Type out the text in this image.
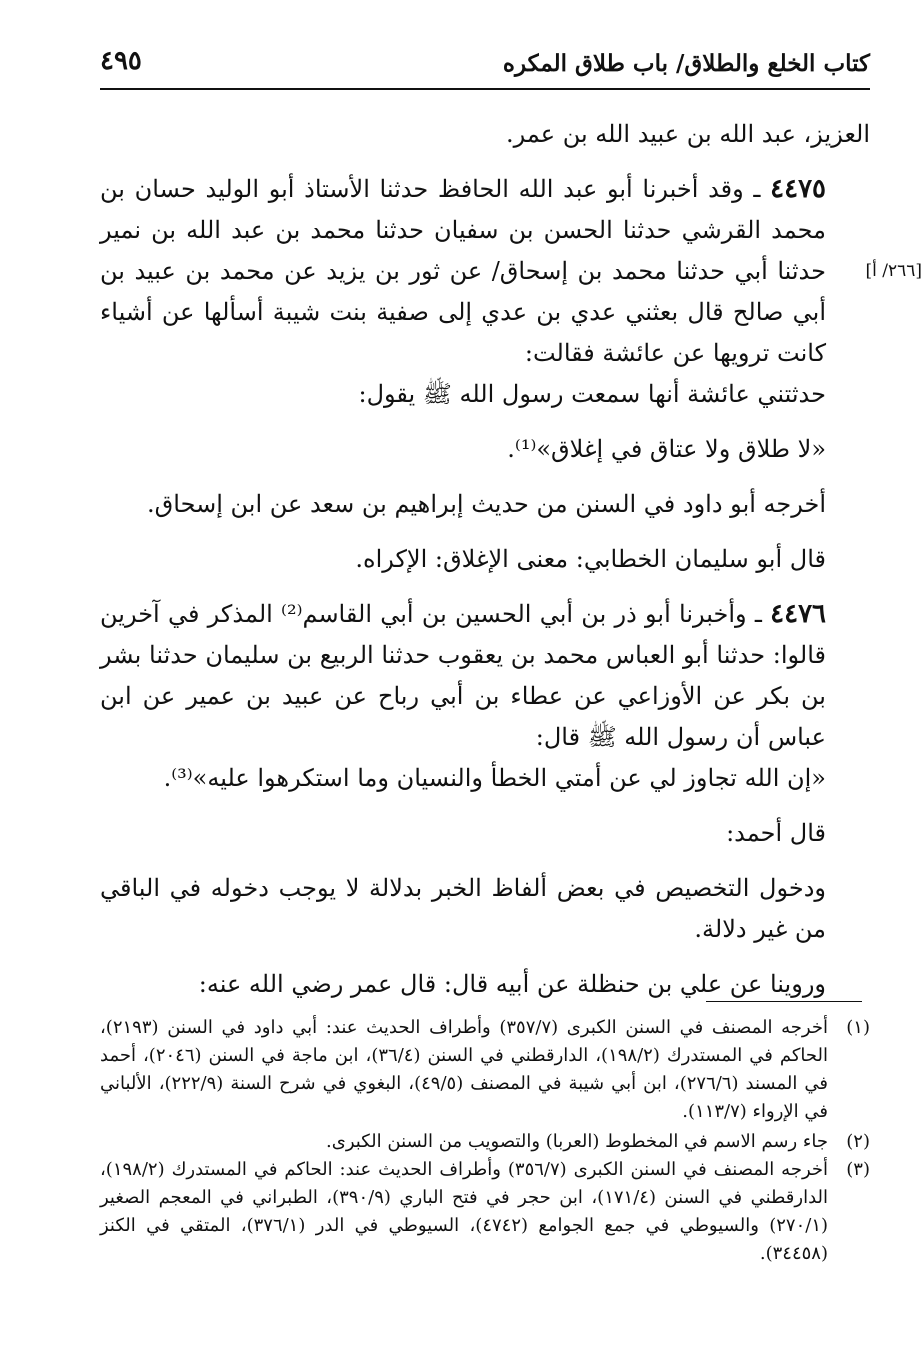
كتاب الخلع والطلاق/ باب طلاق المكره
٤٩٥

العزيز، عبد الله بن عبيد الله بن عمر.

[٢٦٦/ أ]
٤٤٧٥ ـ وقد أخبرنا أبو عبد الله الحافظ حدثنا الأستاذ أبو الوليد حسان بن محمد القرشي حدثنا الحسن بن سفيان حدثنا محمد بن عبد الله بن نمير حدثنا أبي حدثنا محمد بن إسحاق/ عن ثور بن يزيد عن محمد بن عبيد بن أبي صالح قال بعثني عدي بن عدي إلى صفية بنت شيبة أسألها عن أشياء كانت ترويها عن عائشة فقالت:

حدثتني عائشة أنها سمعت رسول الله ﷺ يقول:

«لا طلاق ولا عتاق في إغلاق»⁽¹⁾.

أخرجه أبو داود في السنن من حديث إبراهيم بن سعد عن ابن إسحاق.

قال أبو سليمان الخطابي: معنى الإغلاق: الإكراه.

٤٤٧٦ ـ وأخبرنا أبو ذر بن أبي الحسين بن أبي القاسم⁽²⁾ المذكر في آخرين قالوا: حدثنا أبو العباس محمد بن يعقوب حدثنا الربيع بن سليمان حدثنا بشر بن بكر عن الأوزاعي عن عطاء بن أبي رباح عن عبيد بن عمير عن ابن عباس أن رسول الله ﷺ قال:

«إن الله تجاوز لي عن أمتي الخطأ والنسيان وما استكرهوا عليه»⁽³⁾.

قال أحمد:

ودخول التخصيص في بعض ألفاظ الخبر بدلالة لا يوجب دخوله في الباقي من غير دلالة.

وروينا عن علي بن حنظلة عن أبيه قال: قال عمر رضي الله عنه:

(١)
أخرجه المصنف في السنن الكبرى (٣٥٧/٧) وأطراف الحديث عند: أبي داود في السنن (٢١٩٣)، الحاكم في المستدرك (١٩٨/٢)، الدارقطني في السنن (٣٦/٤)، ابن ماجة في السنن (٢٠٤٦)، أحمد في المسند (٢٧٦/٦)، ابن أبي شيبة في المصنف (٤٩/٥)، البغوي في شرح السنة (٢٢٢/٩)، الألباني في الإرواء (١١٣/٧).
(٢)
جاء رسم الاسم في المخطوط (العربا) والتصويب من السنن الكبرى.
(٣)
أخرجه المصنف في السنن الكبرى (٣٥٦/٧) وأطراف الحديث عند: الحاكم في المستدرك (١٩٨/٢)، الدارقطني في السنن (١٧١/٤)، ابن حجر في فتح الباري (٣٩٠/٩)، الطبراني في المعجم الصغير (٢٧٠/١) والسيوطي في جمع الجوامع (٤٧٤٢)، السيوطي في الدر (٣٧٦/١)، المتقي في الكنز (٣٤٤٥٨).
